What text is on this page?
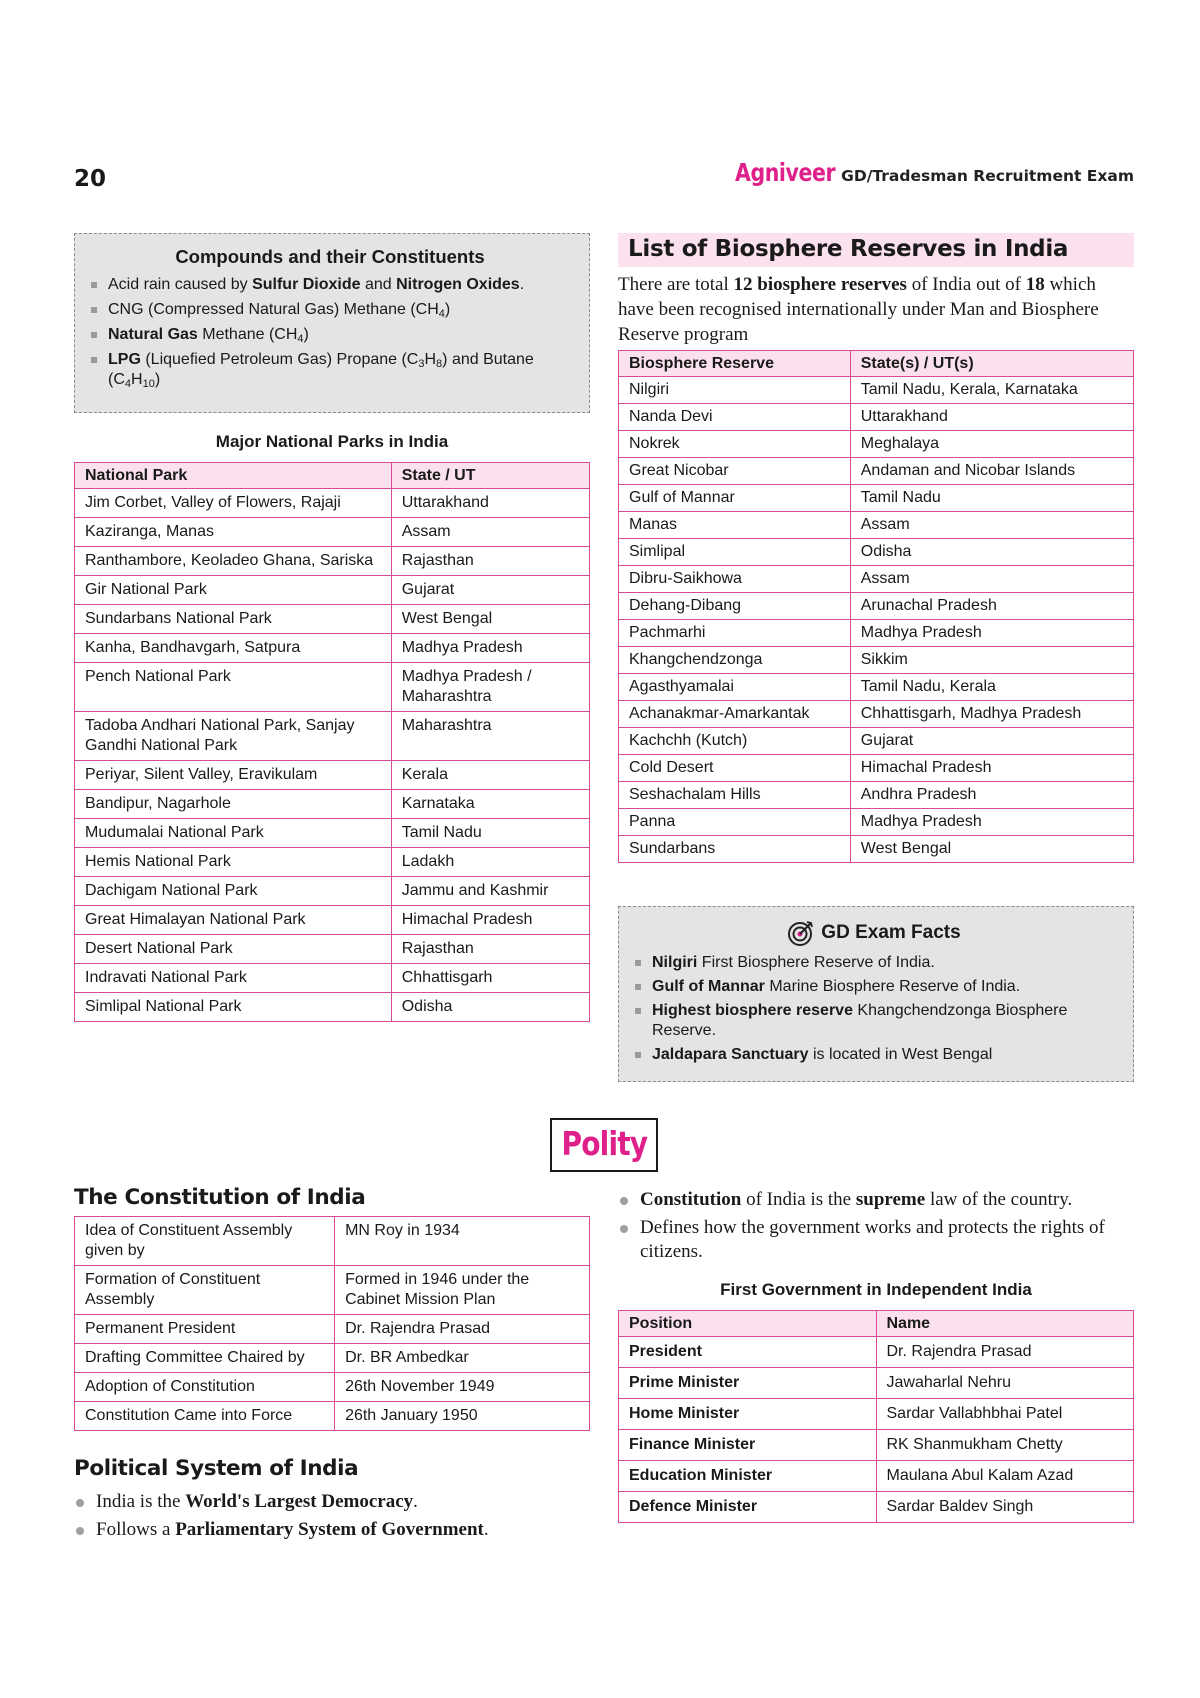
20	Agniveer GD/Tradesman Recruitment Exam
Compounds and their Constituents
Acid rain caused by Sulfur Dioxide and Nitrogen Oxides.
CNG (Compressed Natural Gas) Methane $(CH_4)$
Natural Gas Methane $(CH_4)$
LPG (Liquefied Petroleum Gas) Propane $(C_3H_8)$ and Butane $(C_4H_{10})$
Major National Parks in India
National Park	State / UT
Jim Corbet, Valley of Flowers, Rajaji	Uttarakhand
Kaziranga, Manas	Assam
Ranthambore, Keoladeo Ghana, Sariska	Rajasthan
Gir National Park	Gujarat
Sundarbans National Park	West Bengal
Kanha, Bandhavgarh, Satpura	Madhya Pradesh
Pench National Park	Madhya Pradesh / Maharashtra
Tadoba Andhari National Park, Sanjay Gandhi National Park	Maharashtra
Periyar, Silent Valley, Eravikulam	Kerala
Bandipur, Nagarhole	Karnataka
Mudumalai National Park	Tamil Nadu
Hemis National Park	Ladakh
Dachigam National Park	Jammu and Kashmir
Great Himalayan National Park	Himachal Pradesh
Desert National Park	Rajasthan
Indravati National Park	Chhattisgarh
Simlipal National Park	Odisha
List of Biosphere Reserves in India
There are total 12 biosphere reserves of India out of 18 which have been recognised internationally under Man and Biosphere Reserve program
Biosphere Reserve	State(s) / UT(s)
Nilgiri	Tamil Nadu, Kerala, Karnataka
Nanda Devi	Uttarakhand
Nokrek	Meghalaya
Great Nicobar	Andaman and Nicobar Islands
Gulf of Mannar	Tamil Nadu
Manas	Assam
Simlipal	Odisha
Dibru-Saikhowa	Assam
Dehang-Dibang	Arunachal Pradesh
Pachmarhi	Madhya Pradesh
Khangchendzonga	Sikkim
Agasthyamalai	Tamil Nadu, Kerala
Achanakmar-Amarkantak	Chhattisgarh, Madhya Pradesh
Kachchh (Kutch)	Gujarat
Cold Desert	Himachal Pradesh
Seshachalam Hills	Andhra Pradesh
Panna	Madhya Pradesh
Sundarbans	West Bengal
GD Exam Facts
Nilgiri First Biosphere Reserve of India.
Gulf of Mannar Marine Biosphere Reserve of India.
Highest biosphere reserve Khangchendzonga Biosphere Reserve.
Jaldapara Sanctuary is located in West Bengal
Polity
The Constitution of India
Idea of Constituent Assembly given by	MN Roy in 1934
Formation of Constituent Assembly	Formed in 1946 under the Cabinet Mission Plan
Permanent President	Dr. Rajendra Prasad
Drafting Committee Chaired by	Dr. BR Ambedkar
Adoption of Constitution	26th November 1949
Constitution Came into Force	26th January 1950
Political System of India
India is the World's Largest Democracy.
Follows a Parliamentary System of Government.
Constitution of India is the supreme law of the country.
Defines how the government works and protects the rights of citizens.
First Government in Independent India
Position	Name
President	Dr. Rajendra Prasad
Prime Minister	Jawaharlal Nehru
Home Minister	Sardar Vallabhbhai Patel
Finance Minister	RK Shanmukham Chetty
Education Minister	Maulana Abul Kalam Azad
Defence Minister	Sardar Baldev Singh
